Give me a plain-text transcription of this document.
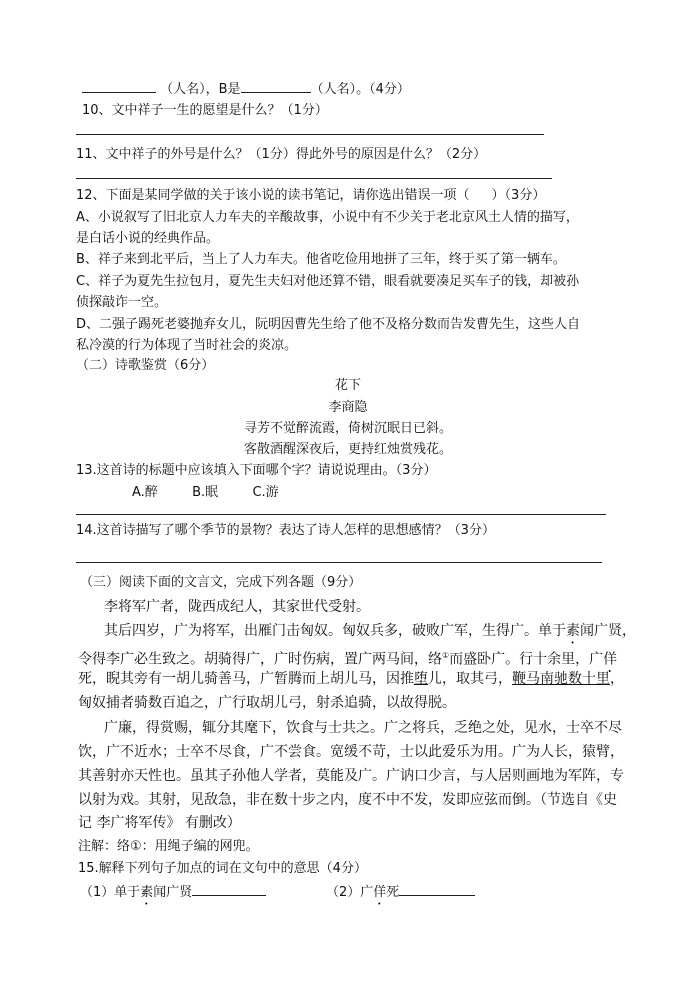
（人名），B是	（人名）。（4分）
10、文中祥子一生的愿望是什么？（1分）
11、文中祥子的外号是什么？（1分）得此外号的原因是什么？（2分）
12、下面是某同学做的关于该小说的读书笔记，请你选出错误一项（ ）（3分）
A、小说叙写了旧北京人力车夫的辛酸故事，小说中有不少关于老北京风土人情的描写，
是白话小说的经典作品。
B、祥子来到北平后，当上了人力车夫。他省吃俭用地拼了三年，终于买了第一辆车。
C、祥子为夏先生拉包月，夏先生夫妇对他还算不错，眼看就要凑足买车子的钱，却被孙
侦探敲诈一空。
D、二强子踢死老婆抛弃女儿，阮明因曹先生给了他不及格分数而告发曹先生，这些人自
私冷漠的行为体现了当时社会的炎凉。
（二）诗歌鉴赏（6分）
花下
李商隐
寻芳不觉醉流霞，倚树沉眠日已斜。
客散酒醒深夜后，更持红烛赏残花。
13.这首诗的标题中应该填入下面哪个字？请说说理由。（3分）
A.醉	B.眠	C.游
14.这首诗描写了哪个季节的景物？表达了诗人怎样的思想感情？（3分）
（三）阅读下面的文言文，完成下列各题（9分）
李将军广者，陇西成纪人，其家世代受射。
其后四岁，广为将军，出雁门击匈奴。匈奴兵多，破败广军，生得广。单于素闻广贤，
令得李广必生致之。胡骑得广，广时伤病，置广两马间，络①而盛卧广。行十余里，广佯
死，睨其旁有一胡儿骑善马，广暂腾而上胡儿马，因推堕儿，取其弓，鞭马南驰数十里，
匈奴捕者骑数百追之，广行取胡儿弓，射杀追骑，以故得脱。
广廉，得赏赐，辄分其麾下，饮食与士共之。广之将兵，乏绝之处，见水，士卒不尽
饮，广不近水；士卒不尽食，广不尝食。宽缓不苛，士以此爱乐为用。广为人长，猿臂，
其善射亦天性也。虽其子孙他人学者，莫能及广。广讷口少言，与人居则画地为军阵，专
以射为戏。其射，见敌急，非在数十步之内，度不中不发，发即应弦而倒。（节选自《史
记 李广将军传》 有删改）
注解：络①：用绳子编的网兜。
15.解释下列句子加点的词在文句中的意思（4分）
（1）单于素闻广贤	（2）广佯死
